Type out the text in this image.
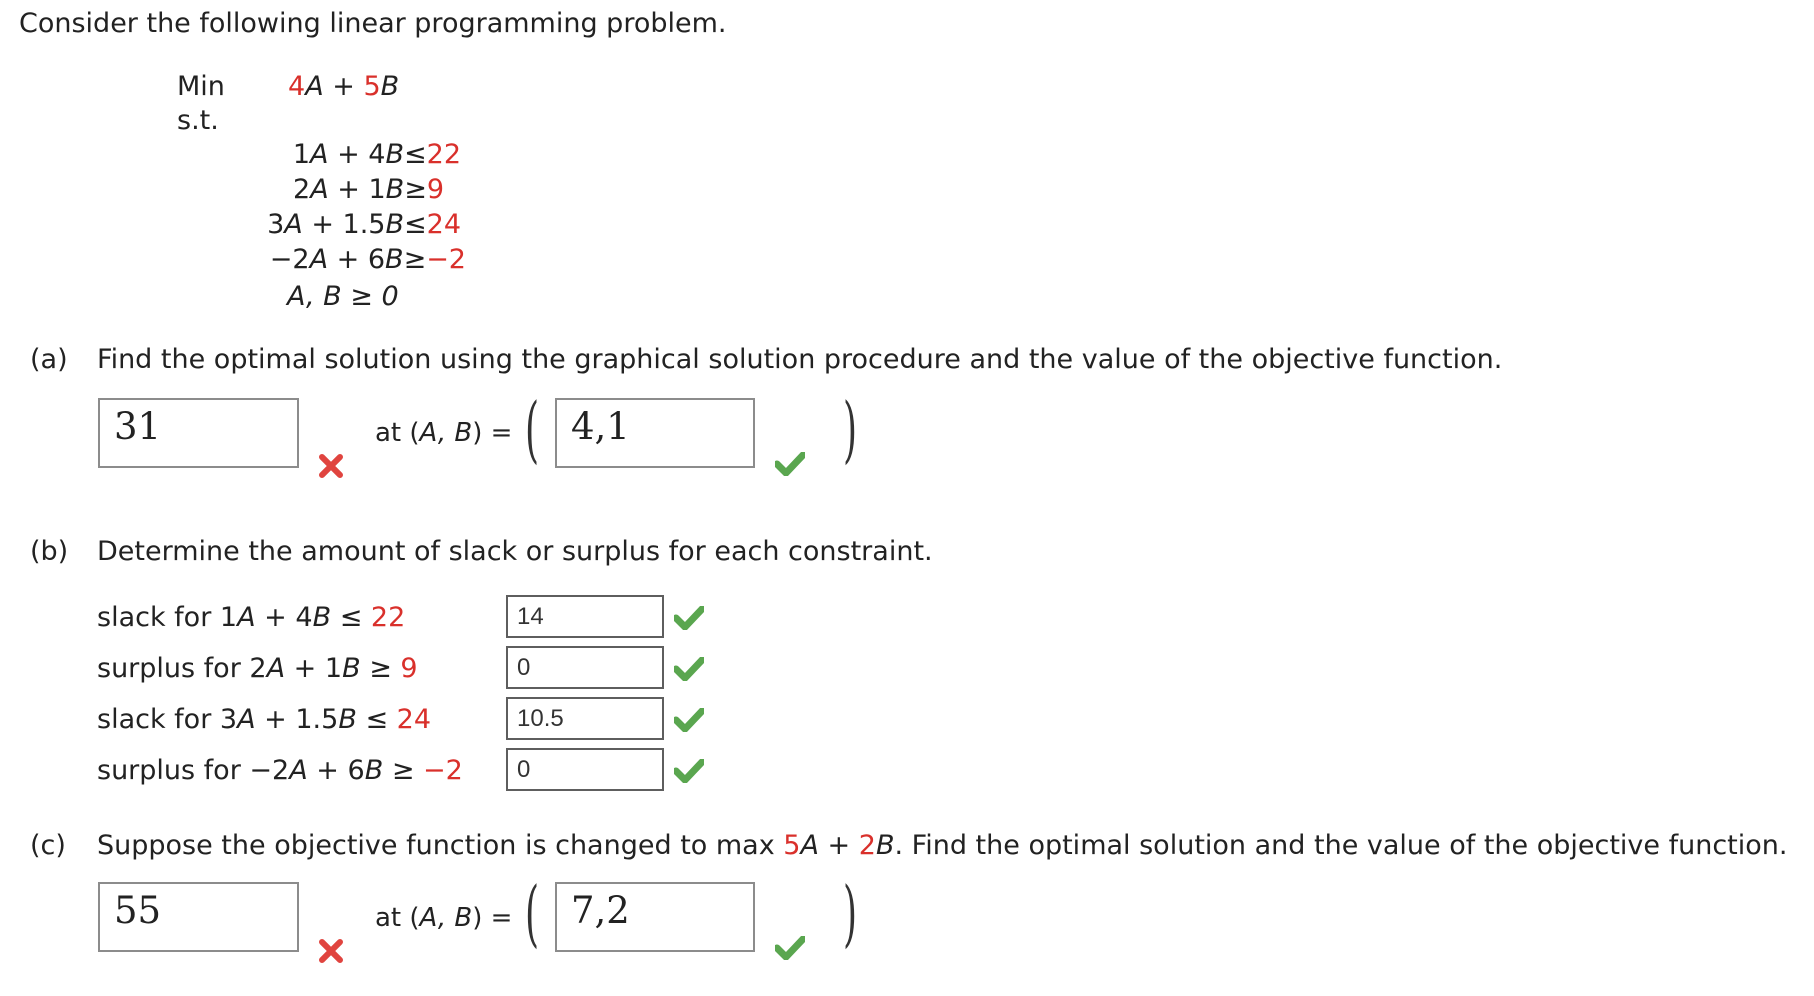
Consider the following linear programming problem.
Min 4A + 5B
s.t.
1A + 4B≤22
2A + 1B≥9
3A + 1.5B≤24
−2A + 6B≥−2
A, B ≥ 0
(a) Find the optimal solution using the graphical solution procedure and the value of the objective function.
31	at (A, B) = ( 4,1	)
(b) Determine the amount of slack or surplus for each constraint.
slack for 1A + 4B ≤ 22	14
surplus for 2A + 1B ≥ 9	0
slack for 3A + 1.5B ≤ 24	10.5
surplus for −2A + 6B ≥ −2	0
(c) Suppose the objective function is changed to max 5A + 2B. Find the optimal solution and the value of the objective function.
55	at (A, B) = ( 7,2	)
